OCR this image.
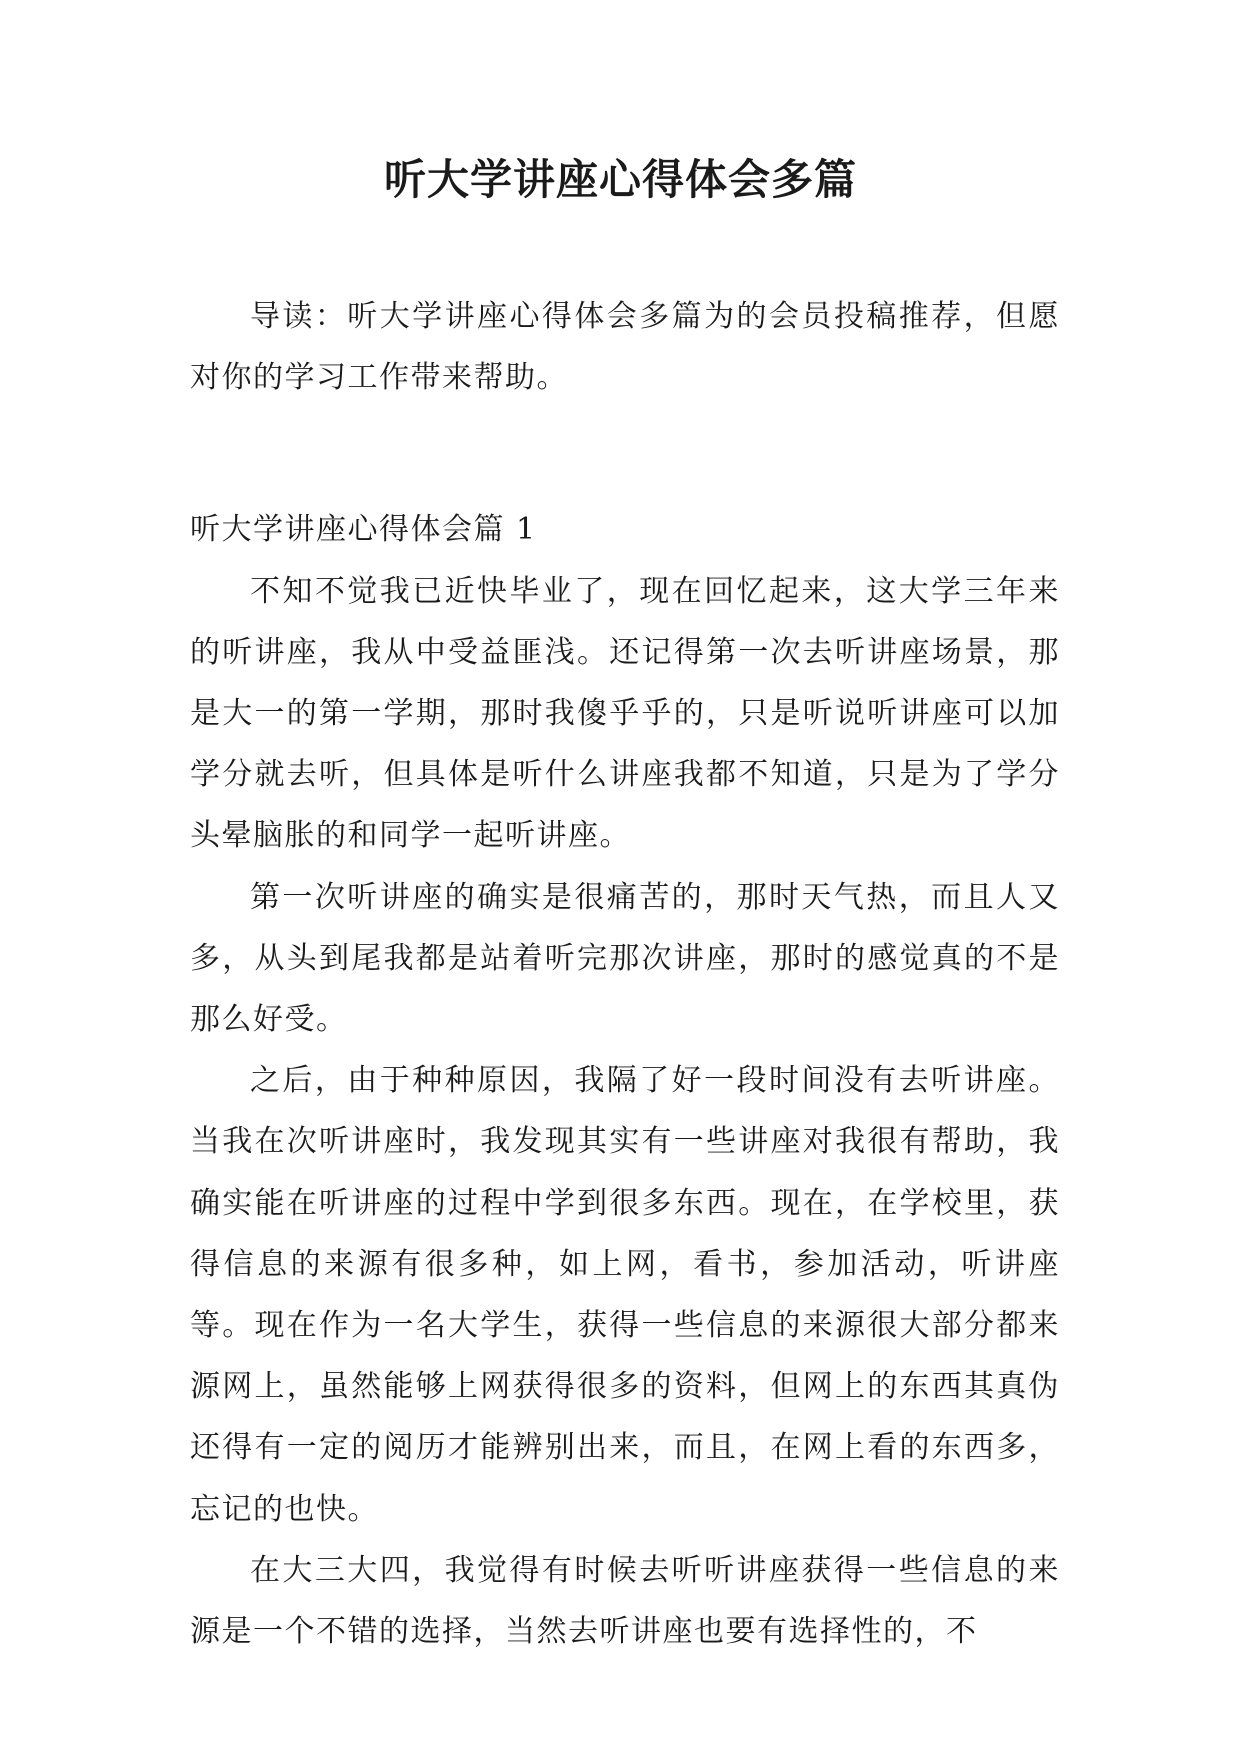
听大学讲座心得体会多篇

导读：听大学讲座心得体会多篇为的会员投稿推荐，但愿对你的学习工作带来帮助。

听大学讲座心得体会篇 1

不知不觉我已近快毕业了，现在回忆起来，这大学三年来的听讲座，我从中受益匪浅。还记得第一次去听讲座场景，那是大一的第一学期，那时我傻乎乎的，只是听说听讲座可以加学分就去听，但具体是听什么讲座我都不知道，只是为了学分头晕脑胀的和同学一起听讲座。

第一次听讲座的确实是很痛苦的，那时天气热，而且人又多，从头到尾我都是站着听完那次讲座，那时的感觉真的不是那么好受。

之后，由于种种原因，我隔了好一段时间没有去听讲座。当我在次听讲座时，我发现其实有一些讲座对我很有帮助，我确实能在听讲座的过程中学到很多东西。现在，在学校里，获得信息的来源有很多种，如上网，看书，参加活动，听讲座等。现在作为一名大学生，获得一些信息的来源很大部分都来源网上，虽然能够上网获得很多的资料，但网上的东西其真伪还得有一定的阅历才能辨别出来，而且，在网上看的东西多，忘记的也快。

在大三大四，我觉得有时候去听听讲座获得一些信息的来源是一个不错的选择，当然去听讲座也要有选择性的，不
